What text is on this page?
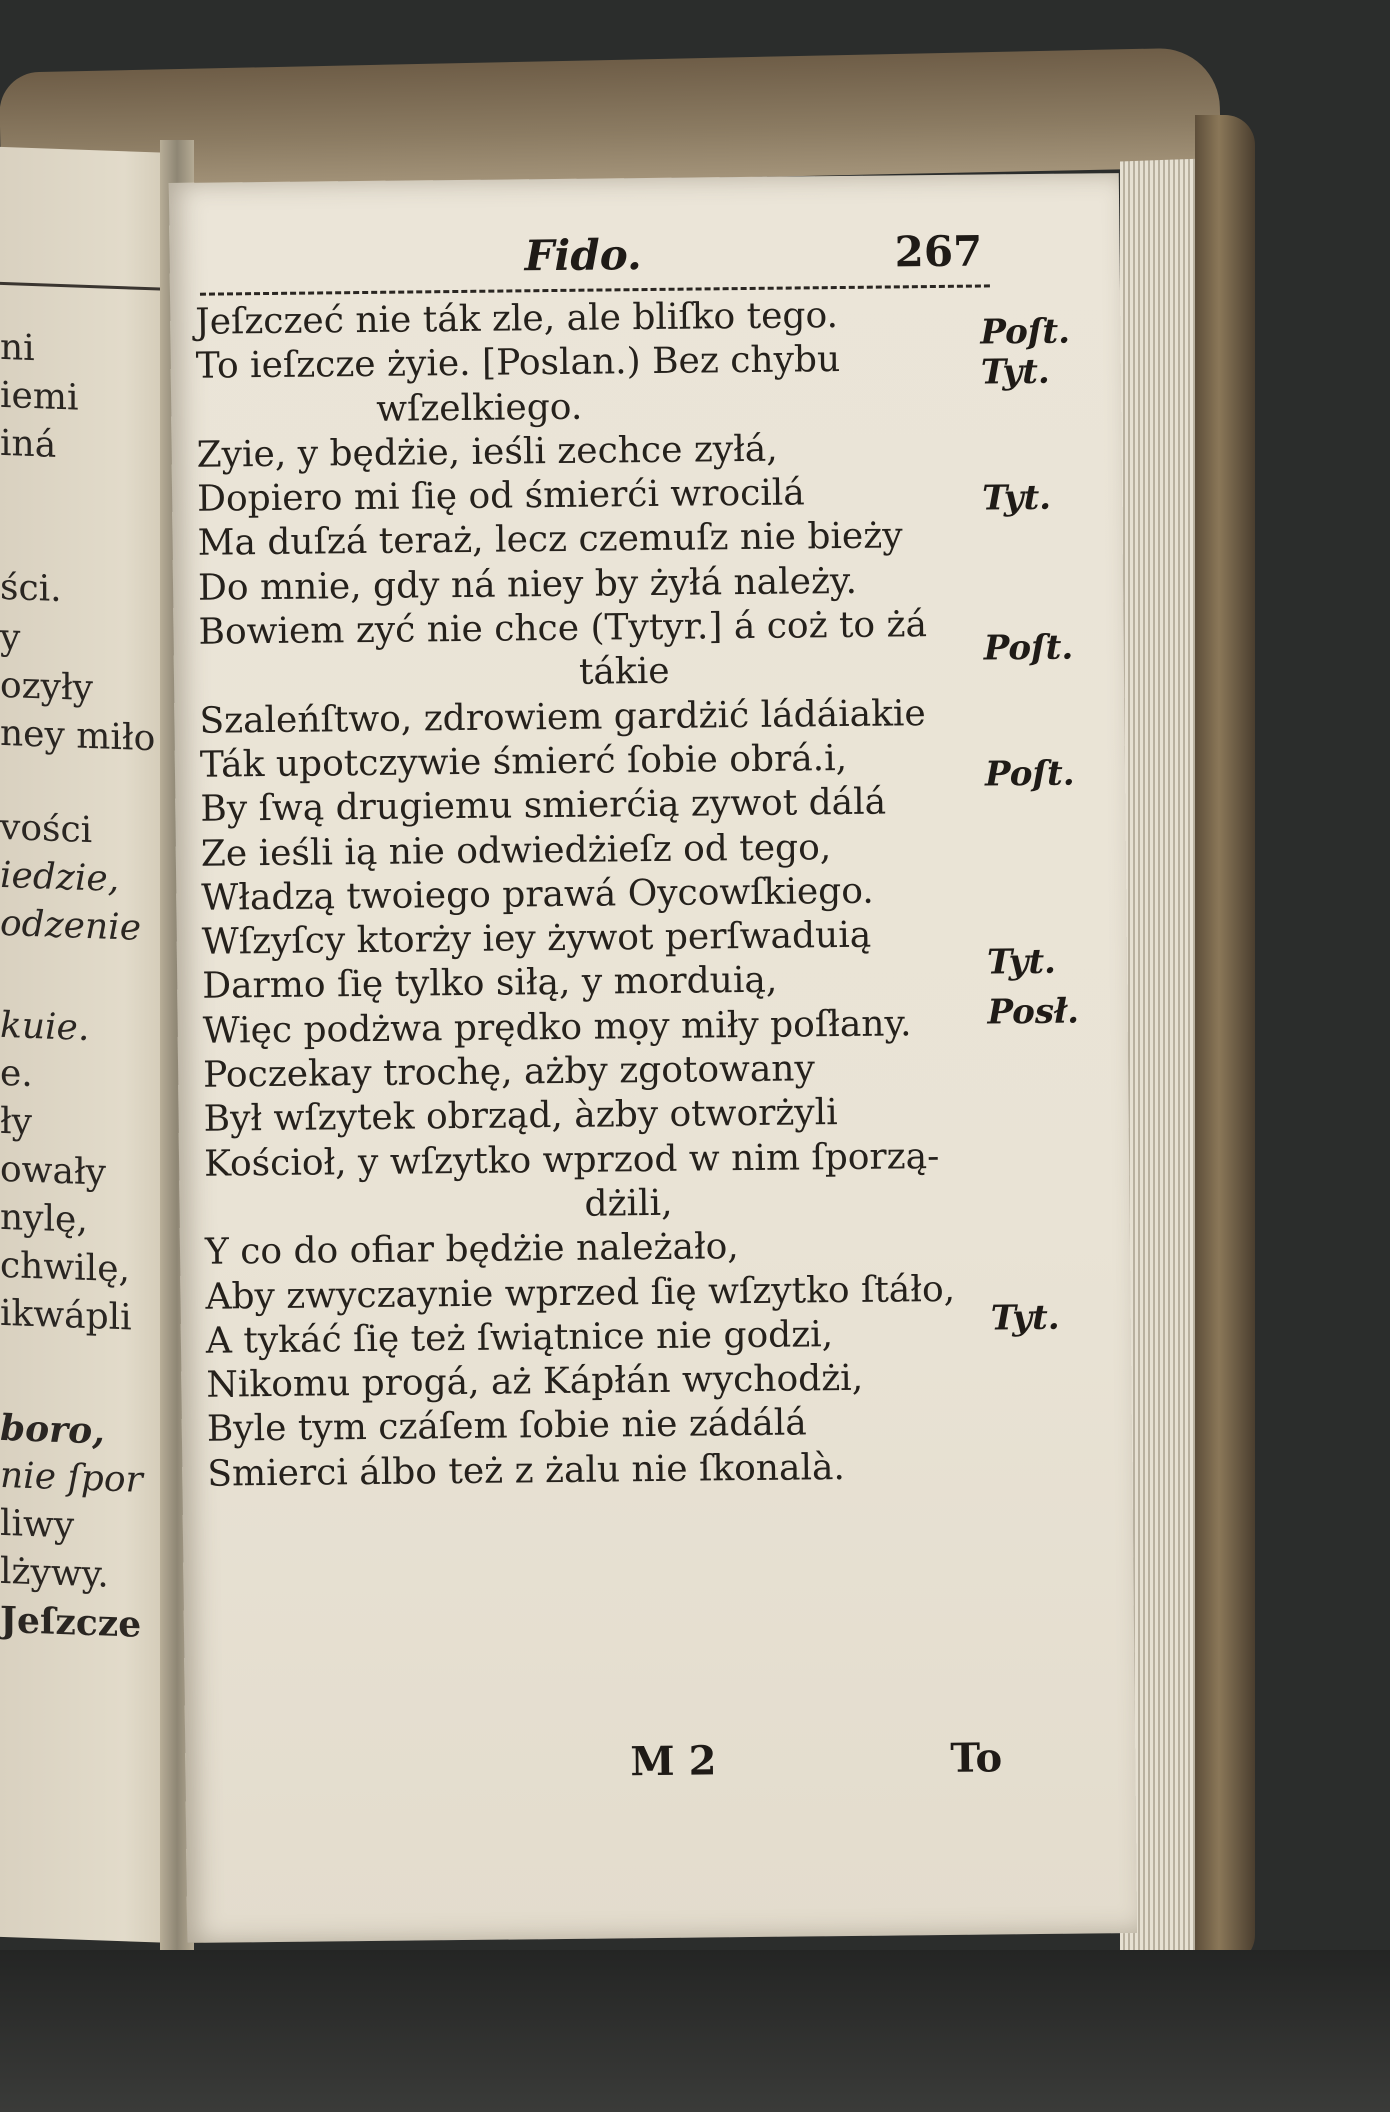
ni
iemi
iná
ści.
y
ozyły
ney miło
vości
iedzie,
odzenie
kuie.
e.
ły
owały
nylę,
chwilę,
ikwápli
boro,
nie ſpor
liwy
lżywy.
Jeſzcze
Fido.	267
Jeſzczeć nie ták zle, ale bliſko tego.
To ieſzcze żyie. [Poslan.) Bez chybu
wſzelkiego.
Zyie, y będżie, ieśli zechce zyłá,
Dopiero mi ſię od śmierći wrocilá
Ma duſzá teraż, lecz czemuſz nie bieży
Do mnie, gdy ná niey by żyłá należy.
Bowiem zyć nie chce (Tytyr.] á coż to żá
tákie
Szaleńſtwo, zdrowiem gardżić ládáiakie
Ták upotczywie śmierć ſobie obrá.i,
By ſwą drugiemu smierćią zywot dálá
Ze ieśli ią nie odwiedżieſz od tego,
Władzą twoiego prawá Oycowſkiego.
Wſzyſcy ktorży iey żywot perſwaduią
Darmo ſię tylko siłą, y morduią,
Więc podżwa prędko mọy miły poſłany.
Poczekay trochę, ażby zgotowany
Był wſzytek obrząd, àzby otworżyli
Kościoł, y wſzytko wprzod w nim ſporzą-
dżili,
Y co do ofiar będżie należało,
Aby zwyczaynie wprzed ſię wſzytko ſtáło,
A tykáć ſię też ſwiątnice nie godzi,
Nikomu progá, aż Kápłán wychodżi,
Byle tym czáſem ſobie nie zádálá
Smierci álbo też z żalu nie ſkonalà.
Poſt.
Tyt.
Tyt.
Poſt.
Poſt.
Tyt.
Posł.
Tyt.
M 2	To
